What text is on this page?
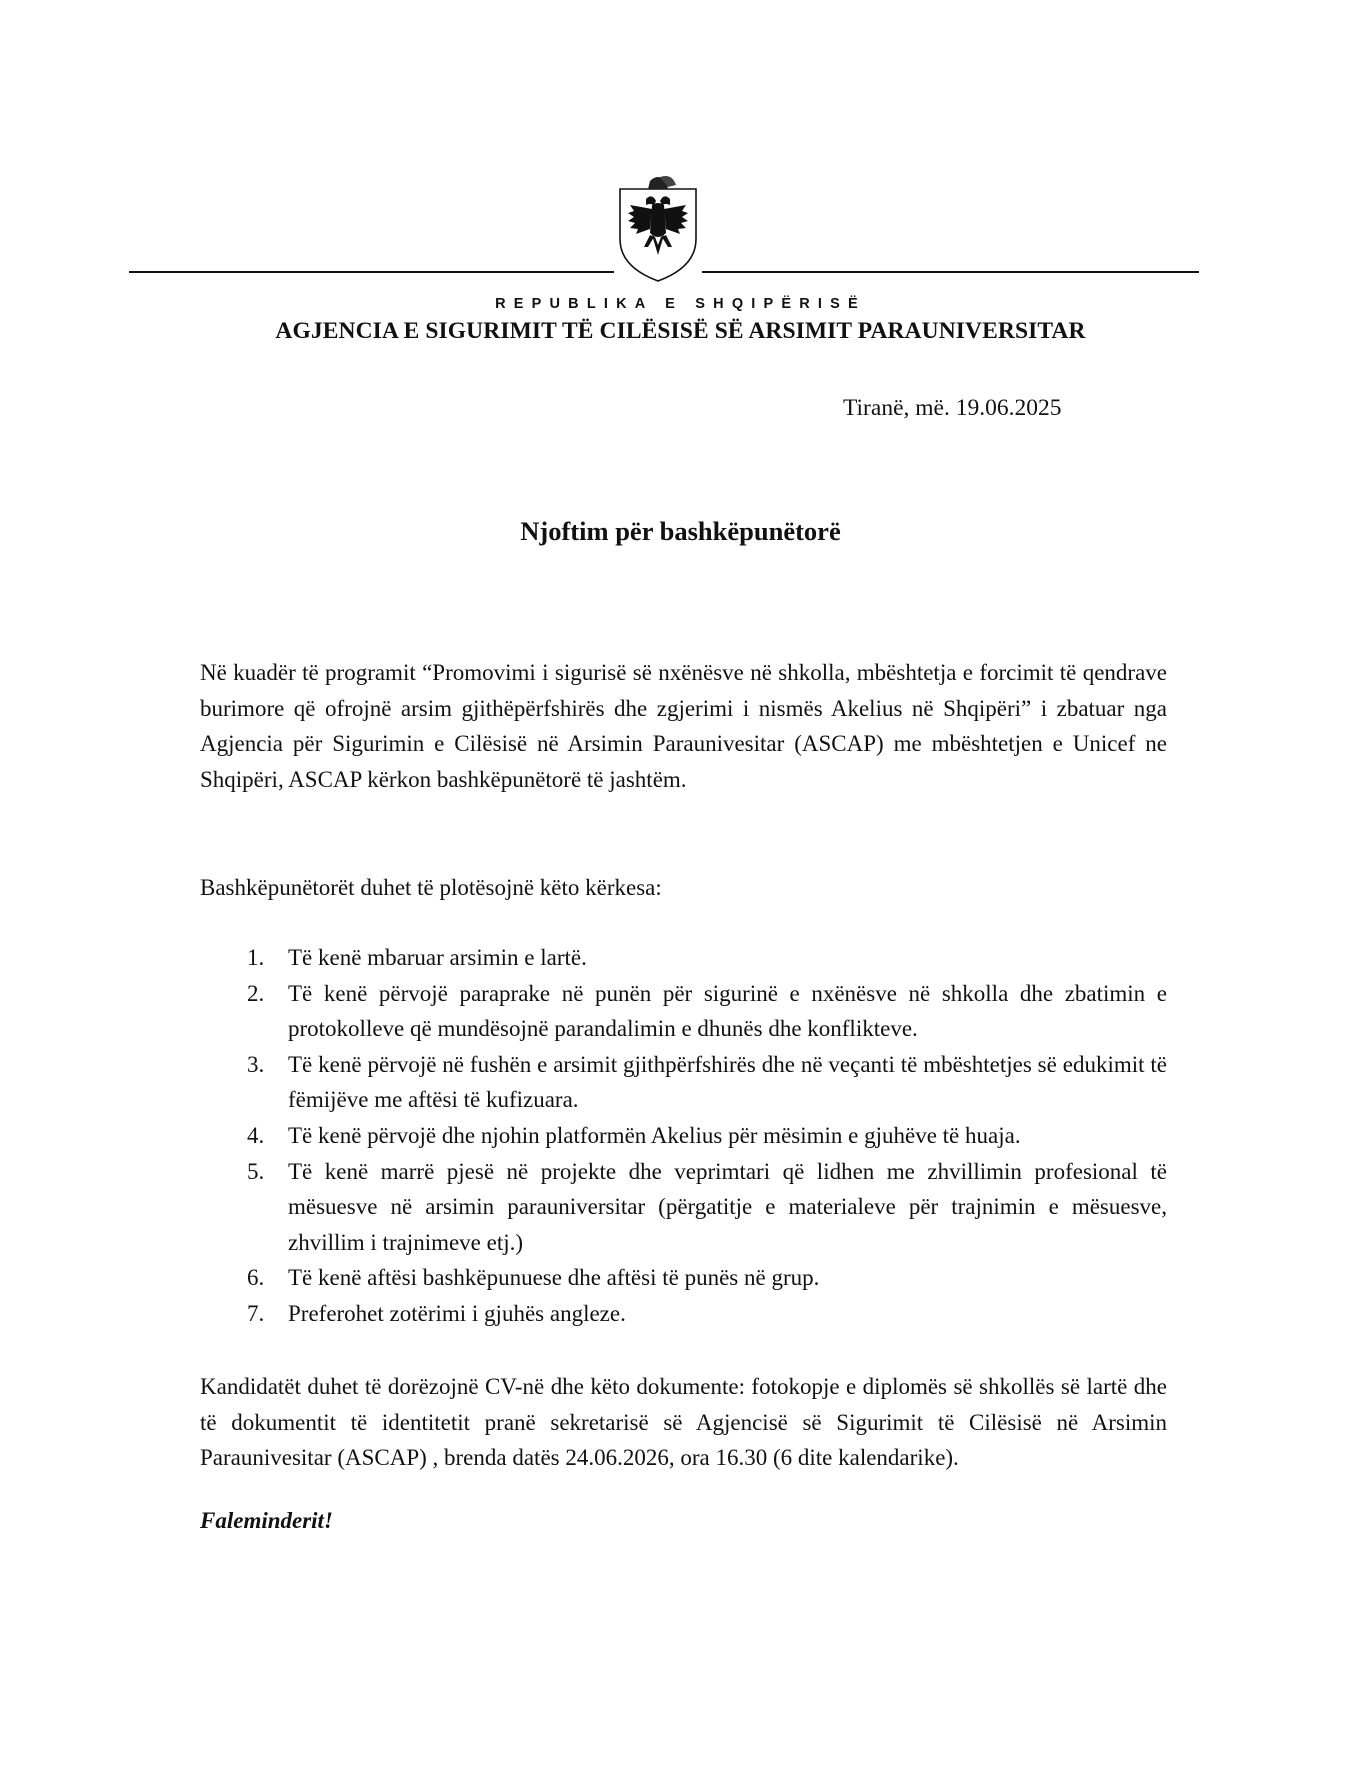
REPUBLIKA E SHQIPËRISË
AGJENCIA E SIGURIMIT TË CILËSISË SË ARSIMIT PARAUNIVERSITAR
Tiranë, më. 19.06.2025
Njoftim për bashkëpunëtorë

Në kuadër të programit “Promovimi i sigurisë së nxënësve në shkolla, mbështetja e forcimit të qendrave burimore që ofrojnë arsim gjithëpërfshirës dhe zgjerimi i nismës Akelius në Shqipëri” i zbatuar nga Agjencia për Sigurimin e Cilësisë në Arsimin Paraunivesitar (ASCAP) me mbështetjen e Unicef ne Shqipëri, ASCAP kërkon bashkëpunëtorë të jashtëm.

Bashkëpunëtorët duhet të plotësojnë këto kërkesa:

1. Të kenë mbaruar arsimin e lartë.
2. Të kenë përvojë paraprake në punën për sigurinë e nxënësve në shkolla dhe zbatimin e protokolleve që mundësojnë parandalimin e dhunës dhe konflikteve.
3. Të kenë përvojë në fushën e arsimit gjithpërfshirës dhe në veçanti të mbështetjes së edukimit të fëmijëve me aftësi të kufizuara.
4. Të kenë përvojë dhe njohin platformën Akelius për mësimin e gjuhëve të huaja.
5. Të kenë marrë pjesë në projekte dhe veprimtari që lidhen me zhvillimin profesional të mësuesve në arsimin parauniversitar (përgatitje e materialeve për trajnimin e mësuesve, zhvillim i trajnimeve etj.)
6. Të kenë aftësi bashkëpunuese dhe aftësi të punës në grup.
7. Preferohet zotërimi i gjuhës angleze.

Kandidatët duhet të dorëzojnë CV-në dhe këto dokumente: fotokopje e diplomës së shkollës së lartë dhe të dokumentit të identitetit pranë sekretarisë së Agjencisë së Sigurimit të Cilësisë në Arsimin Paraunivesitar (ASCAP) , brenda datës 24.06.2026, ora 16.30 (6 dite kalendarike).

Faleminderit!
